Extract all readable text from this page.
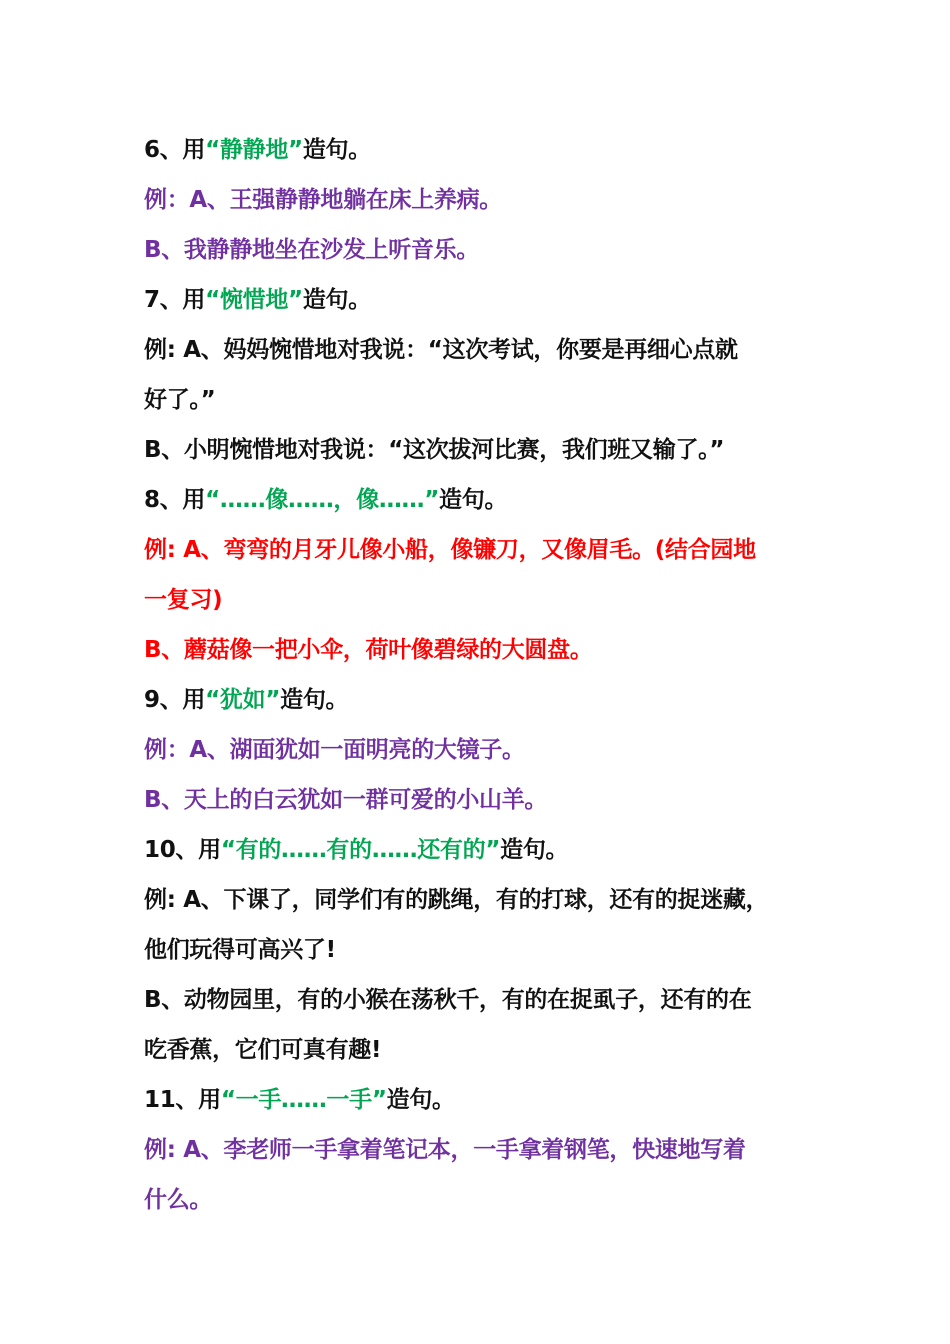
6、用“静静地”造句。
例：A、王强静静地躺在床上养病。
B、我静静地坐在沙发上听音乐。
7、用“惋惜地”造句。
例: A、妈妈惋惜地对我说：“这次考试，你要是再细心点就
好了。”
B、小明惋惜地对我说：“这次拔河比赛，我们班又输了。”
8、用“……像……，像……”造句。
例: A、弯弯的月牙儿像小船，像镰刀，又像眉毛。(结合园地
一复习)
B、蘑菇像一把小伞，荷叶像碧绿的大圆盘。
9、用“犹如”造句。
例：A、湖面犹如一面明亮的大镜子。
B、天上的白云犹如一群可爱的小山羊。
10、用“有的……有的……还有的”造句。
例: A、下课了，同学们有的跳绳，有的打球，还有的捉迷藏，
他们玩得可高兴了!
B、动物园里，有的小猴在荡秋千，有的在捉虱子，还有的在
吃香蕉，它们可真有趣!
11、用“一手……一手”造句。
例: A、李老师一手拿着笔记本，一手拿着钢笔，快速地写着
什么。
